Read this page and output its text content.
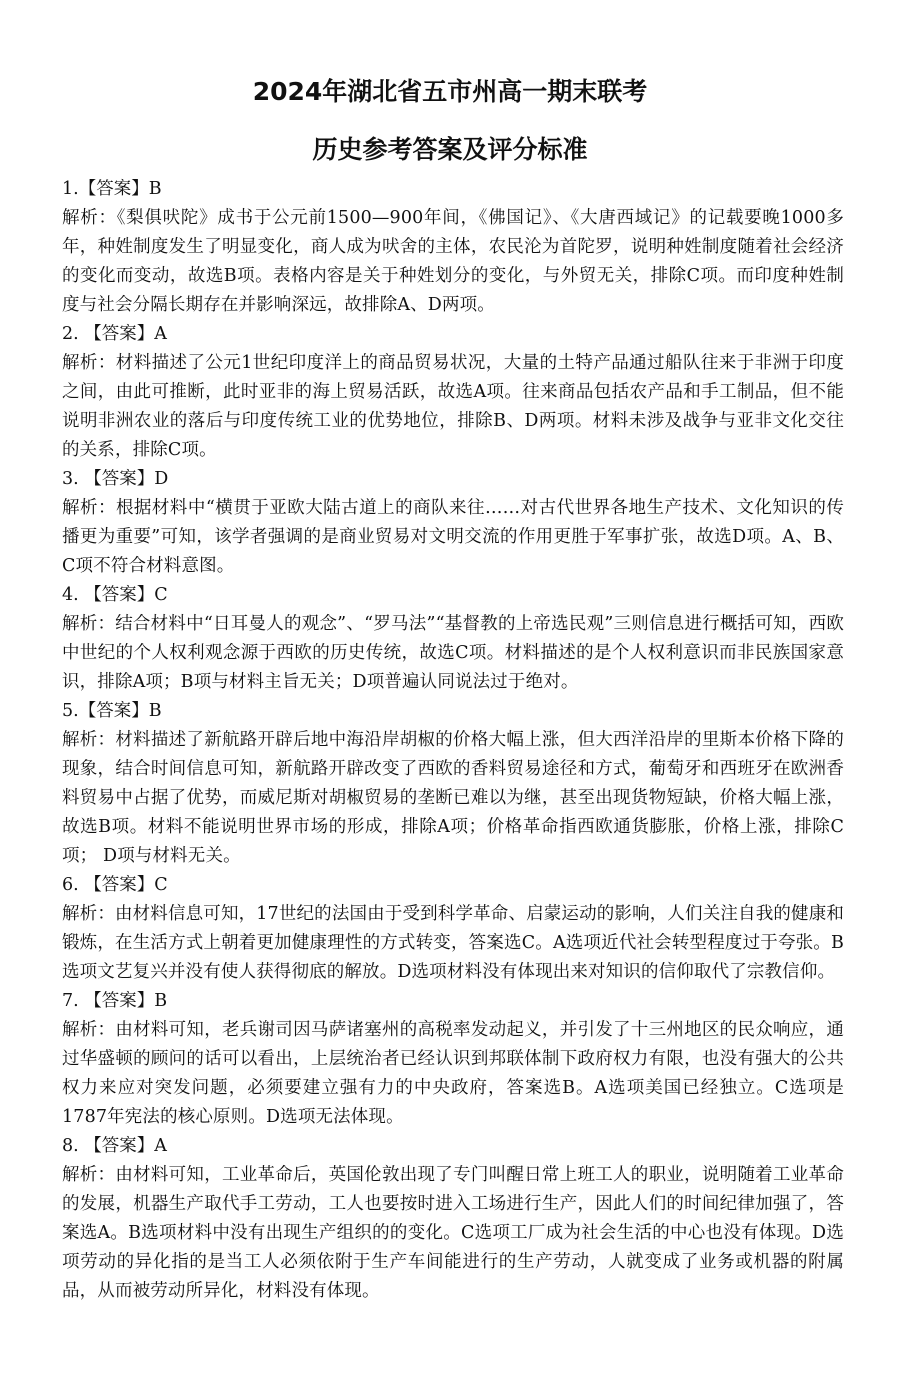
2024年湖北省五市州高一期末联考
历史参考答案及评分标准

1.【答案】B

解析：《梨俱吠陀》成书于公元前1500—900年间，《佛国记》、《大唐西域记》的记载要晚1000多年，种姓制度发生了明显变化，商人成为吠舍的主体，农民沦为首陀罗，说明种姓制度随着社会经济的变化而变动，故选B项。表格内容是关于种姓划分的变化，与外贸无关，排除C项。而印度种姓制度与社会分隔长期存在并影响深远，故排除A、D两项。

2. 【答案】A

解析：材料描述了公元1世纪印度洋上的商品贸易状况，大量的土特产品通过船队往来于非洲于印度之间，由此可推断，此时亚非的海上贸易活跃，故选A项。往来商品包括农产品和手工制品，但不能说明非洲农业的落后与印度传统工业的优势地位，排除B、D两项。材料未涉及战争与亚非文化交往的关系，排除C项。

3. 【答案】D

解析：根据材料中“横贯于亚欧大陆古道上的商队来往……对古代世界各地生产技术、文化知识的传播更为重要”可知，该学者强调的是商业贸易对文明交流的作用更胜于军事扩张，故选D项。A、B、C项不符合材料意图。

4. 【答案】C

解析：结合材料中“日耳曼人的观念”、“罗马法”“基督教的上帝选民观”三则信息进行概括可知，西欧中世纪的个人权利观念源于西欧的历史传统，故选C项。材料描述的是个人权利意识而非民族国家意识，排除A项；B项与材料主旨无关；D项普遍认同说法过于绝对。

5.【答案】B

解析：材料描述了新航路开辟后地中海沿岸胡椒的价格大幅上涨，但大西洋沿岸的里斯本价格下降的现象，结合时间信息可知，新航路开辟改变了西欧的香料贸易途径和方式，葡萄牙和西班牙在欧洲香料贸易中占据了优势，而威尼斯对胡椒贸易的垄断已难以为继，甚至出现货物短缺，价格大幅上涨，故选B项。材料不能说明世界市场的形成，排除A项；价格革命指西欧通货膨胀，价格上涨，排除C项； D项与材料无关。

6. 【答案】C

解析：由材料信息可知，17世纪的法国由于受到科学革命、启蒙运动的影响，人们关注自我的健康和锻炼，在生活方式上朝着更加健康理性的方式转变，答案选C。A选项近代社会转型程度过于夸张。B选项文艺复兴并没有使人获得彻底的解放。D选项材料没有体现出来对知识的信仰取代了宗教信仰。

7. 【答案】B

解析：由材料可知，老兵谢司因马萨诸塞州的高税率发动起义，并引发了十三州地区的民众响应，通过华盛顿的顾问的话可以看出，上层统治者已经认识到邦联体制下政府权力有限，也没有强大的公共权力来应对突发问题，必须要建立强有力的中央政府，答案选B。A选项美国已经独立。C选项是1787年宪法的核心原则。D选项无法体现。

8. 【答案】A

解析：由材料可知，工业革命后，英国伦敦出现了专门叫醒日常上班工人的职业，说明随着工业革命的发展，机器生产取代手工劳动，工人也要按时进入工场进行生产，因此人们的时间纪律加强了，答案选A。B选项材料中没有出现生产组织的的变化。C选项工厂成为社会生活的中心也没有体现。D选项劳动的异化指的是当工人必须依附于生产车间能进行的生产劳动，人就变成了业务或机器的附属品，从而被劳动所异化，材料没有体现。
